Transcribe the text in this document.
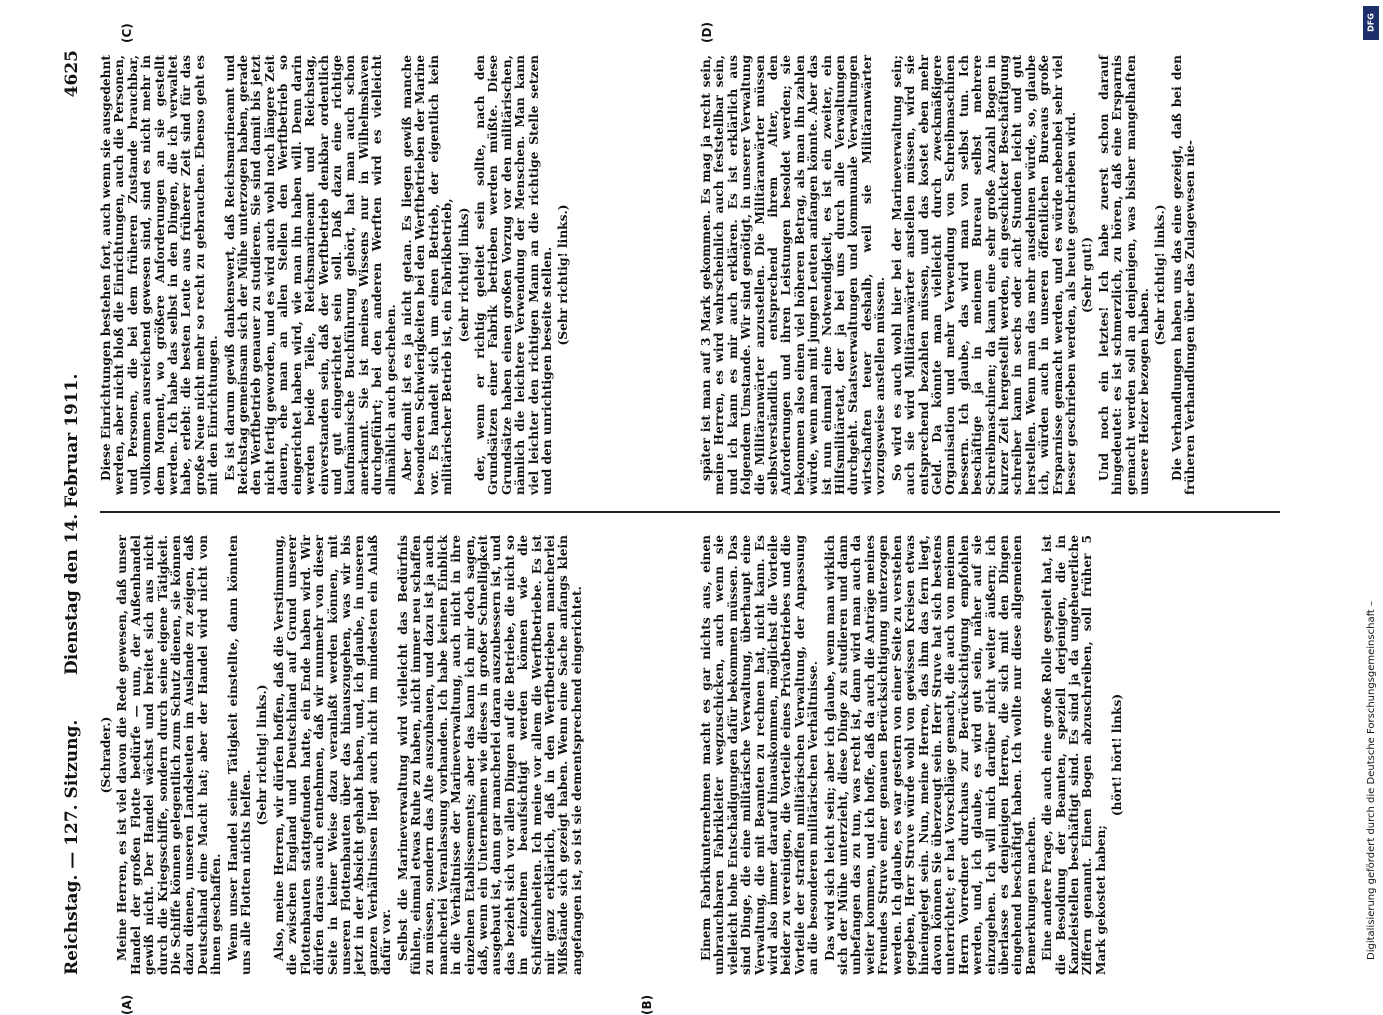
Reichstag. — 127. Sitzung.
Dienstag den 14. Februar 1911.
4625

(Schrader.) Meine Herren, es ist viel davon die Rede gewesen, daß unser Handel der großen Flotte bedürfe — nun, der Außenhandel gewiß nicht. Der Handel wächst und breitet sich aus nicht durch die Kriegsschiffe, sondern durch seine eigene Tätigkeit. Die Schiffe können gelegentlich zum Schutz dienen, sie können dazu dienen, unseren Landsleuten im Auslande zu zeigen, daß Deutschland eine Macht hat; aber der Handel wird nicht von ihnen geschaffen. Wenn unser Handel seine Tätigkeit einstellte, dann könnten uns alle Flotten nichts helfen.

(Sehr richtig! links.) Also, meine Herren, wir dürfen hoffen, daß die Verstimmung, die zwischen England und Deutschland auf Grund unserer Flottenbauten stattgefunden hatte, ein Ende haben wird. Wir dürfen daraus auch entnehmen, daß wir nunmehr von dieser Seite in keiner Weise dazu veranlaßt werden können, mit unseren Flottenbauten über das hinauszugehen, was wir bis jetzt in der Absicht gehabt haben, und, ich glaube, in unseren ganzen Verhältnissen liegt auch nicht im mindesten ein Anlaß dafür vor. Selbst die Marineverwaltung wird vielleicht das Bedürfnis fühlen, einmal etwas Ruhe zu haben, nicht immer neu schaffen zu müssen, sondern das Alte auszubauen, und dazu ist ja auch mancherlei Veranlassung vorhanden. Ich habe keinen Einblick in die Verhältnisse der Marineverwaltung, auch nicht in ihre einzelnen Etablissements; aber das kann ich mir doch sagen, daß, wenn ein Unternehmen wie dieses in großer Schnelligkeit ausgebaut ist, dann gar mancherlei daran auszubessern ist, und das bezieht sich vor allen Dingen auf die Betriebe, die nicht so im einzelnen beaufsichtigt werden können wie die Schiffseinheiten. Ich meine vor allem die Werftbetriebe. Es ist mir ganz erklärlich, daß in den Werftbetrieben mancherlei Mißstände sich gezeigt haben. Wenn eine Sache anfangs klein angefangen ist, so ist sie dementsprechend eingerichtet.

Diese Einrichtungen bestehen fort, auch wenn sie ausgedehnt werden, aber nicht bloß die Einrichtungen, auch die Personen, und Personen, die bei dem früheren Zustande brauchbar, vollkommen ausreichend gewesen sind, sind es nicht mehr in dem Moment, wo größere Anforderungen an sie gestellt werden. Ich habe das selbst in den Dingen, die ich verwaltet habe, erlebt: die besten Leute aus früherer Zeit sind für das große Neue nicht mehr so recht zu gebrauchen. Ebenso geht es mit den Einrichtungen. Es ist darum gewiß dankenswert, daß Reichsmarineamt und Reichstag gemeinsam sich der Mühe unterzogen haben, gerade den Werftbetrieb genauer zu studieren. Sie sind damit bis jetzt nicht fertig geworden, und es wird auch wohl noch längere Zeit dauern, ehe man an allen Stellen den Werftbetrieb so eingerichtet haben wird, wie man ihn haben will. Denn darin werden beide Teile, Reichsmarineamt und Reichstag, einverstanden sein, daß der Werftbetrieb denkbar ordentlich und gut eingerichtet sein soll. Daß dazu eine richtige kaufmännische Buchführung gehört, hat man auch schon anerkannt. Sie ist meines Wissens nur in Wilhelmshaven durchgeführt; bei den anderen Werften wird es vielleicht allmählich auch geschehen. Aber damit ist es ja nicht getan. Es liegen gewiß manche besonderen Schwierigkeiten bei den Werftbetrieben der Marine vor. Es handelt sich um einen Betrieb, der eigentlich kein militärischer Betrieb ist, ein Fabrikbetrieb, (sehr richtig! links) der, wenn er richtig geleitet sein sollte, nach den Grundsätzen einer Fabrik betrieben werden müßte. Diese Grundsätze haben einen großen Vorzug vor den militärischen, nämlich die leichtere Verwendung der Menschen. Man kann viel leichter den richtigen Mann an die richtige Stelle setzen und den unrichtigen beseite stellen. (Sehr richtig! links.)

Einem Fabrikunternehmen macht es gar nichts aus, einen unbrauchbaren Fabrikleiter wegzuschicken, auch wenn sie vielleicht hohe Entschädigungen dafür bekommen müssen. Das sind Dinge, die eine militärische Verwaltung, überhaupt eine Verwaltung, die mit Beamten zu rechnen hat, nicht kann. Es wird also immer darauf hinauskommen, möglichst die Vorteile beider zu vereinigen, die Vorteile eines Privatbetriebes und die Vorteile der straffen militärischen Verwaltung, der Anpassung an die besonderen militärischen Verhältnisse. Das wird sich leicht sein; aber ich glaube, wenn man wirklich sich der Mühe unterzieht, diese Dinge zu studieren und dann unbefangen das zu tun, was recht ist, dann wird man auch da weiter kommen, und ich hoffe, daß da auch die Anträge meines Freundes Struve einer genauen Berücksichtigung unterzogen werden. Ich glaube, es war gestern von einer Seite zu verstehen gegeben, Herr Struve würde wohl von gewissen Kreisen etwas hineingelegt sein. Nun, meine Herren, das ihm das fern liegt, davon können Sie überzeugt sein. Herr Struve hat sich bestens unterrichtet; er hat Vorschläge gemacht, die auch von meinem Herrn Vorredner durchaus zur Berücksichtigung empfohlen werden, und, ich glaube, es wird gut sein, näher auf sie einzugehen. Ich will mich darüber nicht weiter äußern; ich überlasse es denjenigen Herren, die sich mit den Dingen eingehend beschäftigt haben. Ich wollte nur diese allgemeinen Bemerkungen machen. Eine andere Frage, die auch eine große Rolle gespielt hat, ist die Besoldung der Beamten, speziell derjenigen, die in Kanzleistellen beschäftigt sind. Es sind ja da ungeheuerliche Ziffern genannt. Einen Bogen abzuschreiben, soll früher 5 Mark gekostet haben;

(hört! hört! links)

später ist man auf 3 Mark gekommen. Es mag ja recht sein, meine Herren, es wird wahrscheinlich auch feststellbar sein, und ich kann es mir auch erklären. Es ist erklärlich aus folgendem Umstande. Wir sind genötigt, in unserer Verwaltung die Militäranwärter anzustellen. Die Militäranwärter müssen selbstverständlich entsprechend ihrem Alter, den Anforderungen und ihren Leistungen besoldet werden; sie bekommen also einen viel höheren Betrag, als man ihn zahlen würde, wenn man mit jungen Leuten anfangen könnte. Aber das ist nun einmal eine Notwendigkeit, es ist ein zweiter, ein Hilfsmilitäretat, der ja bei uns durch alle Verwaltungen durchgeht. Staatsverwaltungen und kommunale Verwaltungen wirtschaften teuer deshalb, weil sie Militäranwärter vorzugsweise anstellen müssen. So wird es auch wohl hier bei der Marineverwaltung sein; auch sie wird Militäranwärter anstellen müssen, wird sie entsprechend bezahlen müssen, und das kostet eben mehr Geld. Da könnte man vielleicht durch zweckmäßigere Organisation und mehr Verwendung von Schreibmaschinen bessern. Ich glaube, das wird man von selbst tun. Ich beschäftige ja in meinem Bureau selbst mehrere Schreibmaschinen; da kann eine sehr große Anzahl Bogen in kurzer Zeit hergestellt werden, ein geschickter Beschäftigung schreiber kann in sechs oder acht Stunden leicht und gut herstellen. Wenn man das mehr ausdehnen würde, so, glaube ich, würden auch in unseren öffentlichen Bureaus große Ersparnisse gemacht werden, und es würde nebenbei sehr viel besser geschrieben werden, als heute geschrieben wird. (Sehr gut!) Und noch ein letztes! Ich habe zuerst schon darauf hingedeutet: es ist schmerzlich, zu hören, daß eine Ersparnis gemacht werden soll an denjenigen, was bisher mangelhaften unsere Heizer bezogen haben.

(Sehr richtig! links.) Die Verhandlungen haben uns das eine gezeigt, daß bei den früheren Verhandlungen über das Zulagewesen nie-

(A)	(B)
(C)	(D)	DFG
Digitalisierung gefördert durch die Deutsche Forschungsgemeinschaft –
